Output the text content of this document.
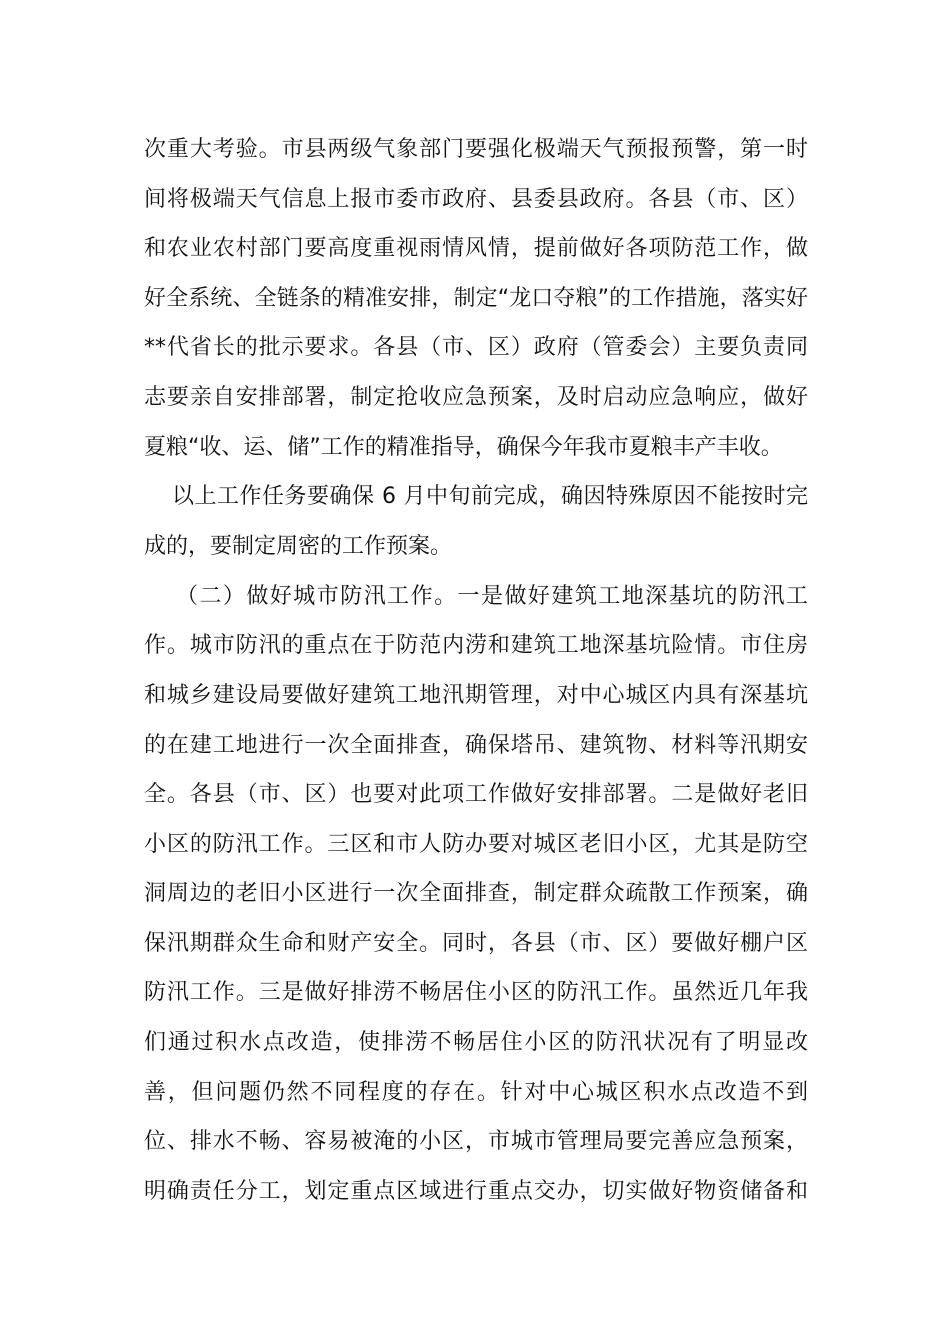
次重大考验。市县两级气象部门要强化极端天气预报预警，第一时
间将极端天气信息上报市委市政府、县委县政府。各县（市、区）
和农业农村部门要高度重视雨情风情，提前做好各项防范工作，做
好全系统、全链条的精准安排，制定“龙口夺粮”的工作措施，落实好
**代省长的批示要求。各县（市、区）政府（管委会）主要负责同
志要亲自安排部署，制定抢收应急预案，及时启动应急响应，做好
夏粮“收、运、储”工作的精准指导，确保今年我市夏粮丰产丰收。
以上工作任务要确保 6 月中旬前完成，确因特殊原因不能按时完
成的，要制定周密的工作预案。
（二）做好城市防汛工作。一是做好建筑工地深基坑的防汛工
作。城市防汛的重点在于防范内涝和建筑工地深基坑险情。市住房
和城乡建设局要做好建筑工地汛期管理，对中心城区内具有深基坑
的在建工地进行一次全面排查，确保塔吊、建筑物、材料等汛期安
全。各县（市、区）也要对此项工作做好安排部署。二是做好老旧
小区的防汛工作。三区和市人防办要对城区老旧小区，尤其是防空
洞周边的老旧小区进行一次全面排查，制定群众疏散工作预案，确
保汛期群众生命和财产安全。同时，各县（市、区）要做好棚户区
防汛工作。三是做好排涝不畅居住小区的防汛工作。虽然近几年我
们通过积水点改造，使排涝不畅居住小区的防汛状况有了明显改
善，但问题仍然不同程度的存在。针对中心城区积水点改造不到
位、排水不畅、容易被淹的小区，市城市管理局要完善应急预案，
明确责任分工，划定重点区域进行重点交办，切实做好物资储备和
